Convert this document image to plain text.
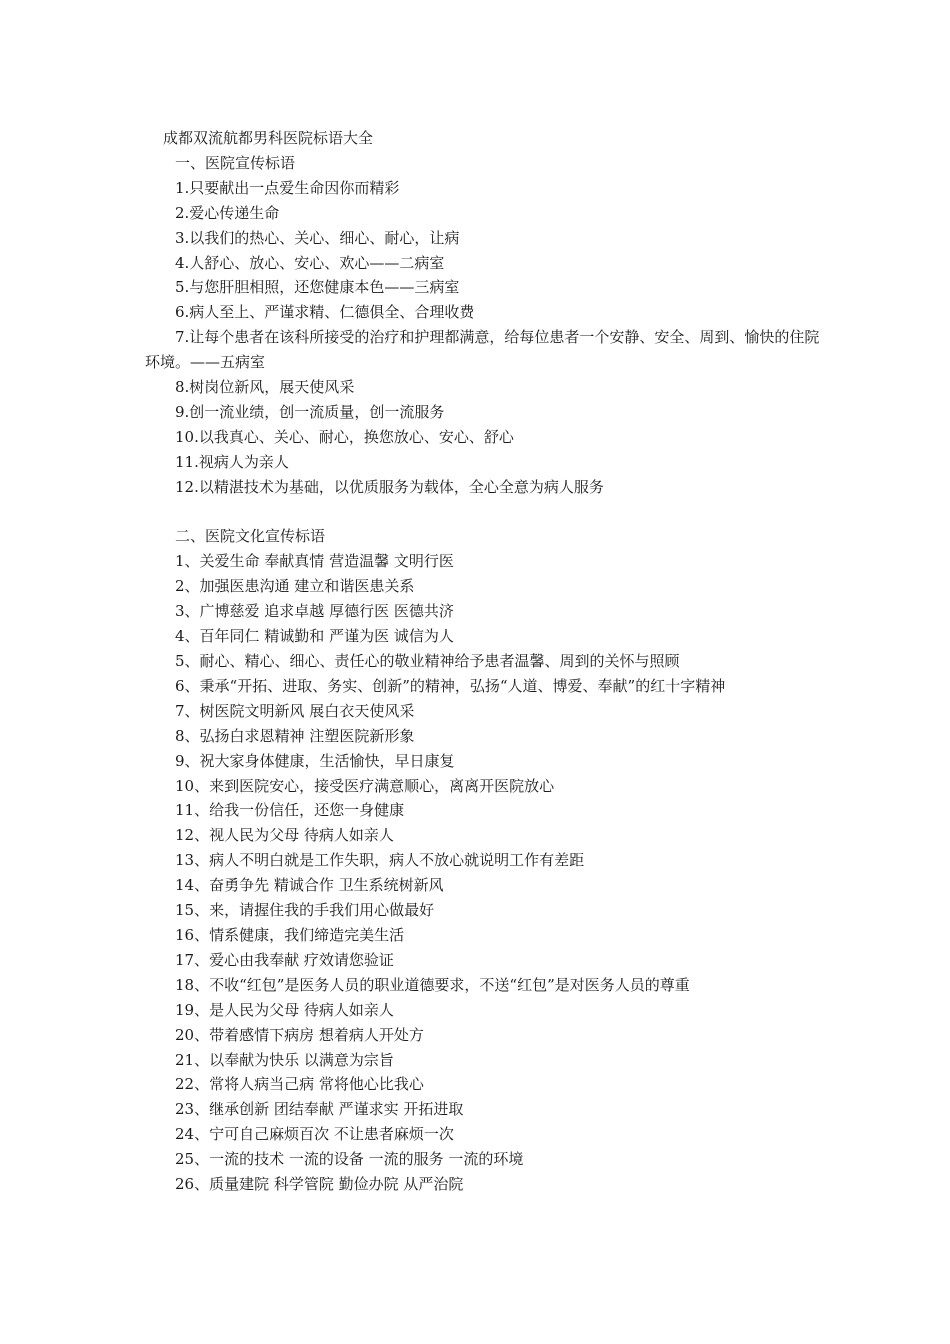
成都双流航都男科医院标语大全
一、医院宣传标语
1.只要献出一点爱生命因你而精彩
2.爱心传递生命
3.以我们的热心、关心、细心、耐心，让病
4.人舒心、放心、安心、欢心——二病室
5.与您肝胆相照，还您健康本色——三病室
6.病人至上、严谨求精、仁德俱全、合理收费
7.让每个患者在该科所接受的治疗和护理都满意，给每位患者一个安静、安全、周到、愉快的住院环境。——五病室
8.树岗位新风，展天使风采
9.创一流业绩，创一流质量，创一流服务
10.以我真心、关心、耐心，换您放心、安心、舒心
11.视病人为亲人
12.以精湛技术为基础，以优质服务为载体，全心全意为病人服务
二、医院文化宣传标语
1、关爱生命 奉献真情 营造温馨 文明行医
2、加强医患沟通 建立和谐医患关系
3、广博慈爱 追求卓越 厚德行医 医德共济
4、百年同仁 精诚勤和 严谨为医 诚信为人
5、耐心、精心、细心、责任心的敬业精神给予患者温馨、周到的关怀与照顾
6、秉承“开拓、进取、务实、创新”的精神，弘扬“人道、博爱、奉献”的红十字精神
7、树医院文明新风 展白衣天使风采
8、弘扬白求恩精神 注塑医院新形象
9、祝大家身体健康，生活愉快，早日康复
10、来到医院安心，接受医疗满意顺心，离离开医院放心
11、给我一份信任，还您一身健康
12、视人民为父母 待病人如亲人
13、病人不明白就是工作失职，病人不放心就说明工作有差距
14、奋勇争先 精诚合作 卫生系统树新风
15、来，请握住我的手我们用心做最好
16、情系健康，我们缔造完美生活
17、爱心由我奉献 疗效请您验证
18、不收“红包”是医务人员的职业道德要求，不送“红包”是对医务人员的尊重
19、是人民为父母 待病人如亲人
20、带着感情下病房 想着病人开处方
21、以奉献为快乐 以满意为宗旨
22、常将人病当己病 常将他心比我心
23、继承创新 团结奉献 严谨求实 开拓进取
24、宁可自己麻烦百次 不让患者麻烦一次
25、一流的技术 一流的设备 一流的服务 一流的环境
26、质量建院 科学管院 勤俭办院 从严治院
